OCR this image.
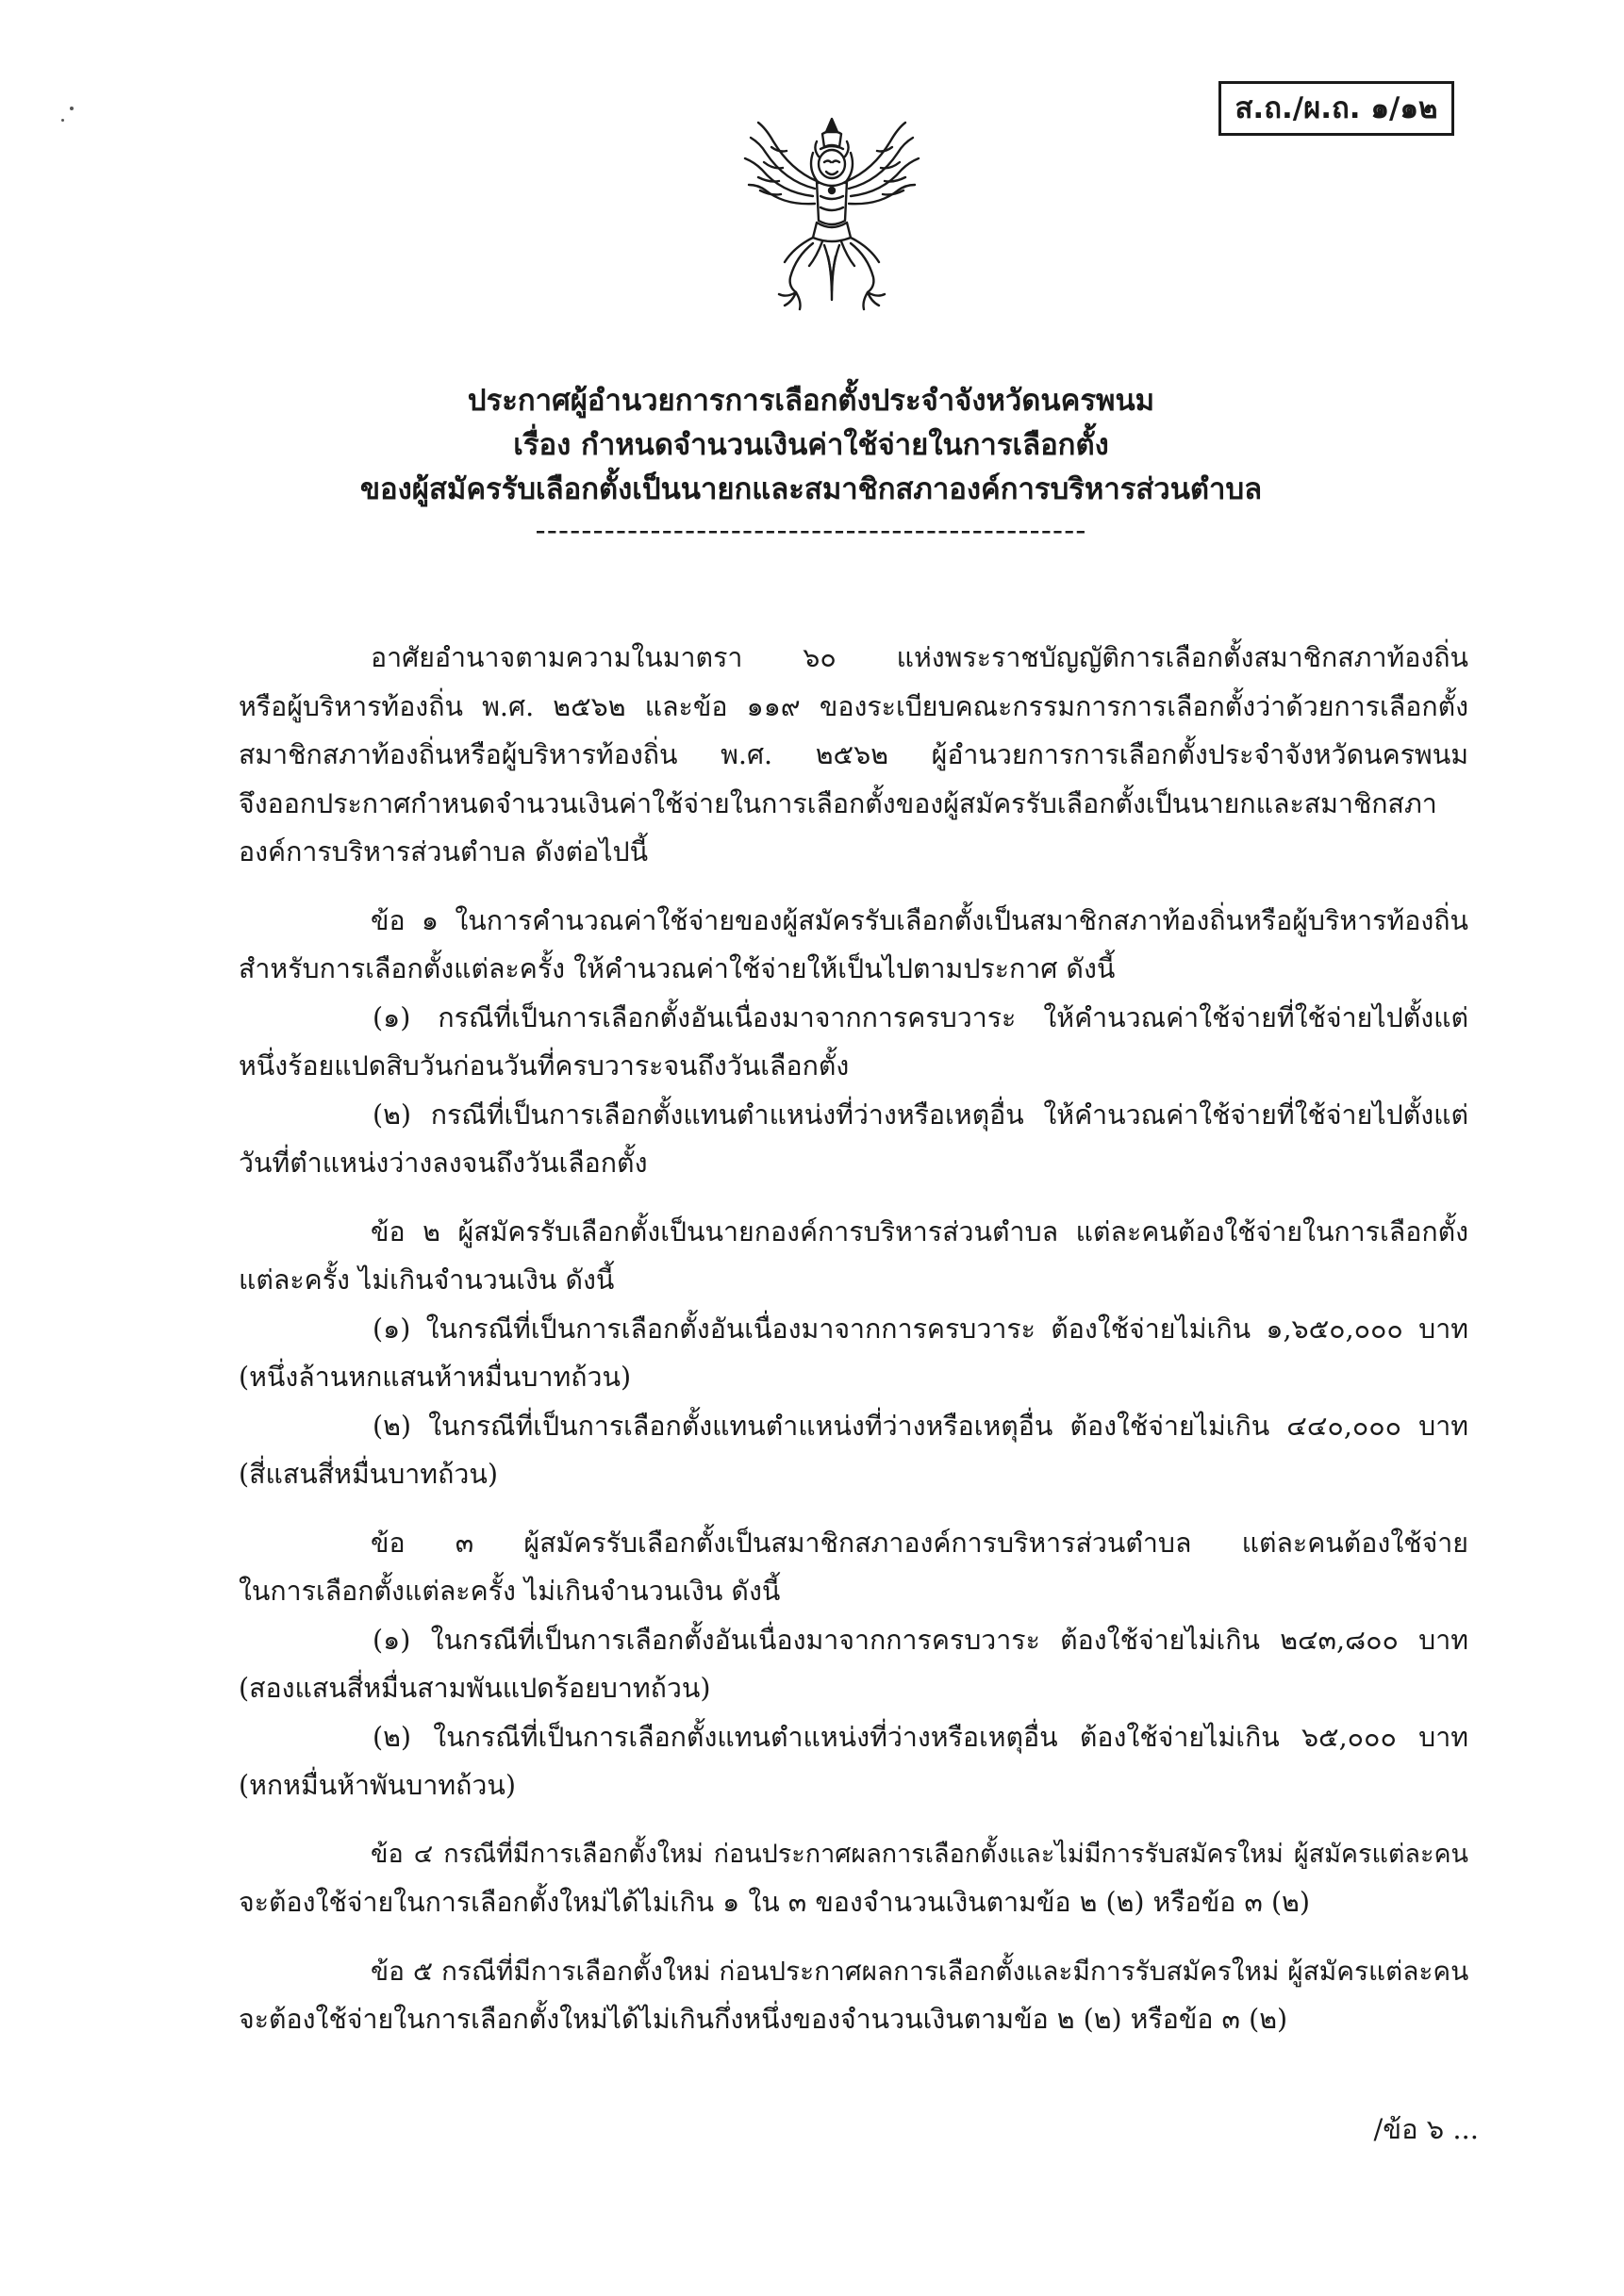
ส.ถ./ผ.ถ. ๑/๑๒
ประกาศผู้อำนวยการการเลือกตั้งประจำจังหวัดนครพนม
เรื่อง กำหนดจำนวนเงินค่าใช้จ่ายในการเลือกตั้ง
ของผู้สมัครรับเลือกตั้งเป็นนายกและสมาชิกสภาองค์การบริหารส่วนตำบล
------------------------------------------------
อาศัยอำนาจตามความในมาตรา ๖๐ แห่งพระราชบัญญัติการเลือกตั้งสมาชิกสภาท้องถิ่น
หรือผู้บริหารท้องถิ่น พ.ศ. ๒๕๖๒ และข้อ ๑๑๙ ของระเบียบคณะกรรมการการเลือกตั้งว่าด้วยการเลือกตั้ง
สมาชิกสภาท้องถิ่นหรือผู้บริหารท้องถิ่น พ.ศ. ๒๕๖๒ ผู้อำนวยการการเลือกตั้งประจำจังหวัดนครพนม
จึงออกประกาศกำหนดจำนวนเงินค่าใช้จ่ายในการเลือกตั้งของผู้สมัครรับเลือกตั้งเป็นนายกและสมาชิกสภา
องค์การบริหารส่วนตำบล ดังต่อไปนี้
ข้อ ๑ ในการคำนวณค่าใช้จ่ายของผู้สมัครรับเลือกตั้งเป็นสมาชิกสภาท้องถิ่นหรือผู้บริหารท้องถิ่น
สำหรับการเลือกตั้งแต่ละครั้ง ให้คำนวณค่าใช้จ่ายให้เป็นไปตามประกาศ ดังนี้
(๑) กรณีที่เป็นการเลือกตั้งอันเนื่องมาจากการครบวาระ ให้คำนวณค่าใช้จ่ายที่ใช้จ่ายไปตั้งแต่
หนึ่งร้อยแปดสิบวันก่อนวันที่ครบวาระจนถึงวันเลือกตั้ง
(๒) กรณีที่เป็นการเลือกตั้งแทนตำแหน่งที่ว่างหรือเหตุอื่น ให้คำนวณค่าใช้จ่ายที่ใช้จ่ายไปตั้งแต่
วันที่ตำแหน่งว่างลงจนถึงวันเลือกตั้ง
ข้อ ๒ ผู้สมัครรับเลือกตั้งเป็นนายกองค์การบริหารส่วนตำบล แต่ละคนต้องใช้จ่ายในการเลือกตั้ง
แต่ละครั้ง ไม่เกินจำนวนเงิน ดังนี้
(๑) ในกรณีที่เป็นการเลือกตั้งอันเนื่องมาจากการครบวาระ ต้องใช้จ่ายไม่เกิน ๑,๖๕๐,๐๐๐ บาท
(หนึ่งล้านหกแสนห้าหมื่นบาทถ้วน)
(๒) ในกรณีที่เป็นการเลือกตั้งแทนตำแหน่งที่ว่างหรือเหตุอื่น ต้องใช้จ่ายไม่เกิน ๔๔๐,๐๐๐ บาท
(สี่แสนสี่หมื่นบาทถ้วน)
ข้อ ๓ ผู้สมัครรับเลือกตั้งเป็นสมาชิกสภาองค์การบริหารส่วนตำบล แต่ละคนต้องใช้จ่าย
ในการเลือกตั้งแต่ละครั้ง ไม่เกินจำนวนเงิน ดังนี้
(๑) ในกรณีที่เป็นการเลือกตั้งอันเนื่องมาจากการครบวาระ ต้องใช้จ่ายไม่เกิน ๒๔๓,๘๐๐ บาท
(สองแสนสี่หมื่นสามพันแปดร้อยบาทถ้วน)
(๒) ในกรณีที่เป็นการเลือกตั้งแทนตำแหน่งที่ว่างหรือเหตุอื่น ต้องใช้จ่ายไม่เกิน ๖๕,๐๐๐ บาท
(หกหมื่นห้าพันบาทถ้วน)
ข้อ ๔ กรณีที่มีการเลือกตั้งใหม่ ก่อนประกาศผลการเลือกตั้งและไม่มีการรับสมัครใหม่ ผู้สมัครแต่ละคน
จะต้องใช้จ่ายในการเลือกตั้งใหม่ได้ไม่เกิน ๑ ใน ๓ ของจำนวนเงินตามข้อ ๒ (๒) หรือข้อ ๓ (๒)
ข้อ ๕ กรณีที่มีการเลือกตั้งใหม่ ก่อนประกาศผลการเลือกตั้งและมีการรับสมัครใหม่ ผู้สมัครแต่ละคน
จะต้องใช้จ่ายในการเลือกตั้งใหม่ได้ไม่เกินกึ่งหนึ่งของจำนวนเงินตามข้อ ๒ (๒) หรือข้อ ๓ (๒)
/ข้อ ๖ ...
